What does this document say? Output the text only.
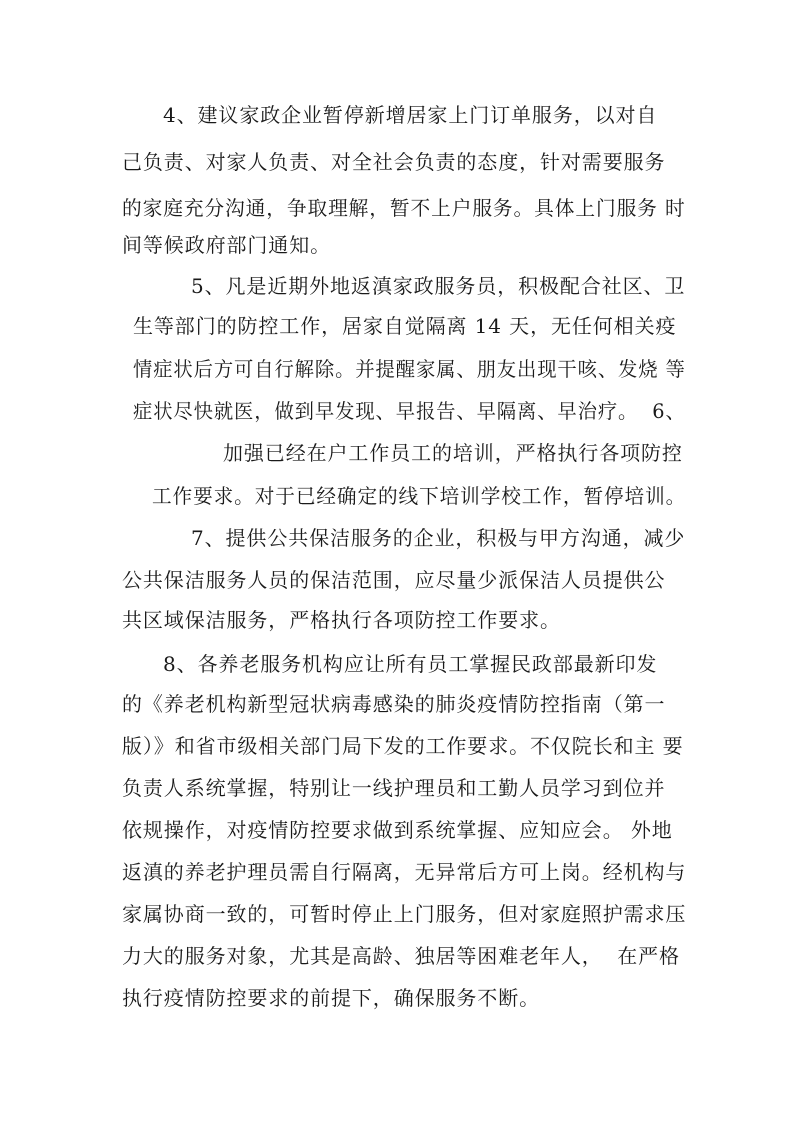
4、建议家政企业暂停新增居家上门订单服务，以对自
己负责、对家人负责、对全社会负责的态度，针对需要服务
的家庭充分沟通，争取理解，暂不上户服务。具体上门服务 时
间等候政府部门通知。
5、凡是近期外地返滇家政服务员，积极配合社区、卫
生等部门的防控工作，居家自觉隔离 14 天，无任何相关疫
情症状后方可自行解除。并提醒家属、朋友出现干咳、发烧 等
症状尽快就医，做到早发现、早报告、早隔离、早治疗。  6、
加强已经在户工作员工的培训，严格执行各项防控
工作要求。对于已经确定的线下培训学校工作，暂停培训。
7、提供公共保洁服务的企业，积极与甲方沟通，减少
公共保洁服务人员的保洁范围，应尽量少派保洁人员提供公
共区域保洁服务，严格执行各项防控工作要求。
8、各养老服务机构应让所有员工掌握民政部最新印发
的《养老机构新型冠状病毒感染的肺炎疫情防控指南（第一
版）》和省市级相关部门局下发的工作要求。不仅院长和主 要
负责人系统掌握，特别让一线护理员和工勤人员学习到位并
依规操作，对疫情防控要求做到系统掌握、应知应会。 外地
返滇的养老护理员需自行隔离，无异常后方可上岗。经机构与
家属协商一致的，可暂时停止上门服务，但对家庭照护需求压
力大的服务对象，尤其是高龄、独居等困难老年人，  在严格
执行疫情防控要求的前提下，确保服务不断。
